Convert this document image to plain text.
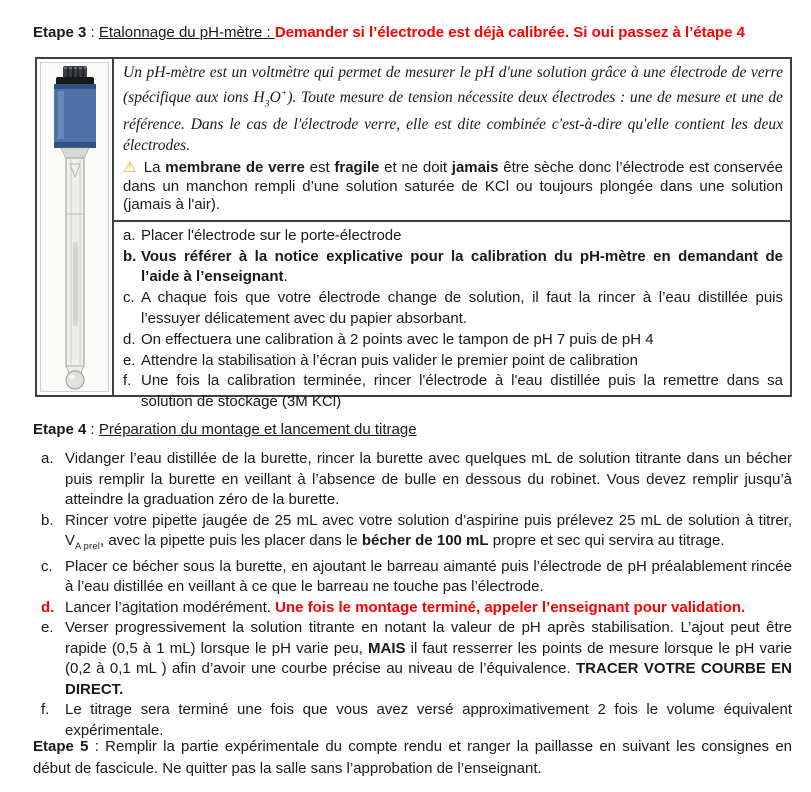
Etape 3 : Etalonnage du pH-mètre : Demander si l’électrode est déjà calibrée. Si oui passez à l’étape 4

Un pH-mètre est un voltmètre qui permet de mesurer le pH d'une solution grâce à une électrode de verre (spécifique aux ions $H_3O^+$). Toute mesure de tension nécessite deux électrodes : une de mesure et une de référence. Dans le cas de l'électrode verre, elle est dite combinée c'est-à-dire qu'elle contient les deux électrodes.

⚠ La membrane de verre est fragile et ne doit jamais être sèche donc l’électrode est conservée dans un manchon rempli d’une solution saturée de KCl ou toujours plongée dans une solution (jamais à l'air).

a. Placer l'électrode sur le porte-électrode
b. Vous référer à la notice explicative pour la calibration du pH-mètre en demandant de l’aide à l’enseignant.
c. A chaque fois que votre électrode change de solution, il faut la rincer à l’eau distillée puis l’essuyer délicatement avec du papier absorbant.
d. On effectuera une calibration à 2 points avec le tampon de pH 7 puis de pH 4
e. Attendre la stabilisation à l’écran puis valider le premier point de calibration
f. Une fois la calibration terminée, rincer l'électrode à l'eau distillée puis la remettre dans sa solution de stockage (3M KCl)
Etape 4 : Préparation du montage et lancement du titrage
a. Vidanger l’eau distillée de la burette, rincer la burette avec quelques mL de solution titrante dans un bécher puis remplir la burette en veillant à l’absence de bulle en dessous du robinet. Vous devez remplir jusqu’à atteindre la graduation zéro de la burette.
b. Rincer votre pipette jaugée de 25 mL avec votre solution d’aspirine puis prélevez 25 mL de solution à titrer, $V_{A prel}$, avec la pipette puis les placer dans le bécher de 100 mL propre et sec qui servira au titrage.
c. Placer ce bécher sous la burette, en ajoutant le barreau aimanté puis l’électrode de pH préalablement rincée à l’eau distillée en veillant à ce que le barreau ne touche pas l’électrode.
d. Lancer l’agitation modérément. Une fois le montage terminé, appeler l’enseignant pour validation.
e. Verser progressivement la solution titrante en notant la valeur de pH après stabilisation. L’ajout peut être rapide (0,5 à 1 mL) lorsque le pH varie peu, MAIS il faut resserrer les points de mesure lorsque le pH varie (0,2 à 0,1 mL ) afin d’avoir une courbe précise au niveau de l’équivalence. TRACER VOTRE COURBE EN DIRECT.
f. Le titrage sera terminé une fois que vous avez versé approximativement 2 fois le volume équivalent expérimentale.

Etape 5 : Remplir la partie expérimentale du compte rendu et ranger la paillasse en suivant les consignes en début de fascicule. Ne quitter pas la salle sans l’approbation de l’enseignant.
